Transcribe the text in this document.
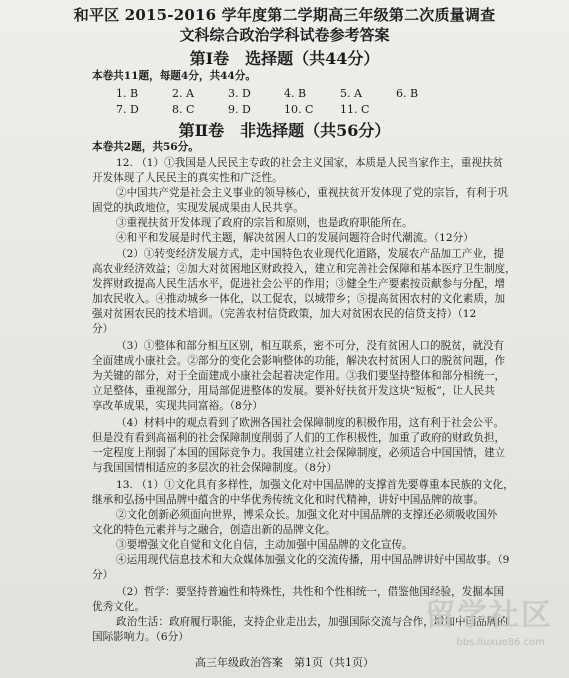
和平区 2015-2016 学年度第二学期高三年级第二次质量调查
文科综合政治学科试卷参考答案
第Ⅰ卷　选择题（共44分）
本卷共11题，每题4分，共44分。
1. B	2. A	3. D	4. B	5. A	6. B
7. D	8. C	9. D	10. C 11. C
第Ⅱ卷　非选择题（共56分）
本卷共2题，共56分。
12. （1）①我国是人民民主专政的社会主义国家，本质是人民当家作主，重视扶贫
开发体现了人民民主的真实性和广泛性。
②中国共产党是社会主义事业的领导核心，重视扶贫开发体现了党的宗旨，有利于巩
固党的执政地位，实现发展成果由人民共享。
③重视扶贫开发体现了政府的宗旨和原则，也是政府职能所在。
④和平和发展是时代主题，解决贫困人口的发展问题符合时代潮流。（12分）
（2）①转变经济发展方式，走中国特色农业现代化道路，发展农产品加工产业，提
高农业经济效益；②加大对贫困地区财政投入，建立和完善社会保障和基本医疗卫生制度，
发挥财政提高人民生活水平，促进社会公平的作用；③健全生产要素按贡献参与分配，增
加农民收入。④推动城乡一体化，以工促农，以城带乡；⑤提高贫困农村的文化素质，加
强对贫困农民的技术培训。（完善农村信贷政策，加大对贫困农民的信贷支持）（12
分）
（3）①整体和部分相互区别，相互联系，密不可分，没有贫困人口的脱贫，就没有
全面建成小康社会。②部分的变化会影响整体的功能，解决农村贫困人口的脱贫问题，作
为关键的部分，对于全面建成小康社会起着决定作用。③我们要坚持整体和部分相统一，
立足整体，重视部分，用局部促进整体的发展。要补好扶贫开发这块“短板”，让人民共
享改革成果，实现共同富裕。（8分）
（4）材料中的观点看到了欧洲各国社会保障制度的积极作用，这有利于社会公平。
但是没有看到高福利的社会保障制度削弱了人们的工作积极性，加重了政府的财政负担，
一定程度上削弱了本国的国际竞争力。我国建立社会保障制度，必须适合中国国情，建立
与我国国情相适应的多层次的社会保障制度。（8分）
13. （1）①文化具有多样性，加强文化对中国品牌的支撑首先要尊重本民族的文化，
继承和弘扬中国品牌中蕴含的中华优秀传统文化和时代精神，讲好中国品牌的故事。
②文化创新必须面向世界，博采众长。加强文化对中国品牌的支撑还必须吸收国外
文化的特色元素并与之融合，创造出新的品牌文化。
③要增强文化自觉和文化自信，主动加强中国品牌的文化宣传。
④运用现代信息技术和大众媒体加强文化的交流传播，用中国品牌讲好中国故事。（9
分）
（2）哲学：要坚持普遍性和特殊性，共性和个性相统一，借鉴他国经验，发掘本国
优秀文化。
政治生活：政府履行职能，支持企业走出去，加强国际交流与合作，增加中国品牌的
国际影响力。（6分）
高三年级政治答案　第1页（共1页）
留学社区
bbs.liuxue86.com
